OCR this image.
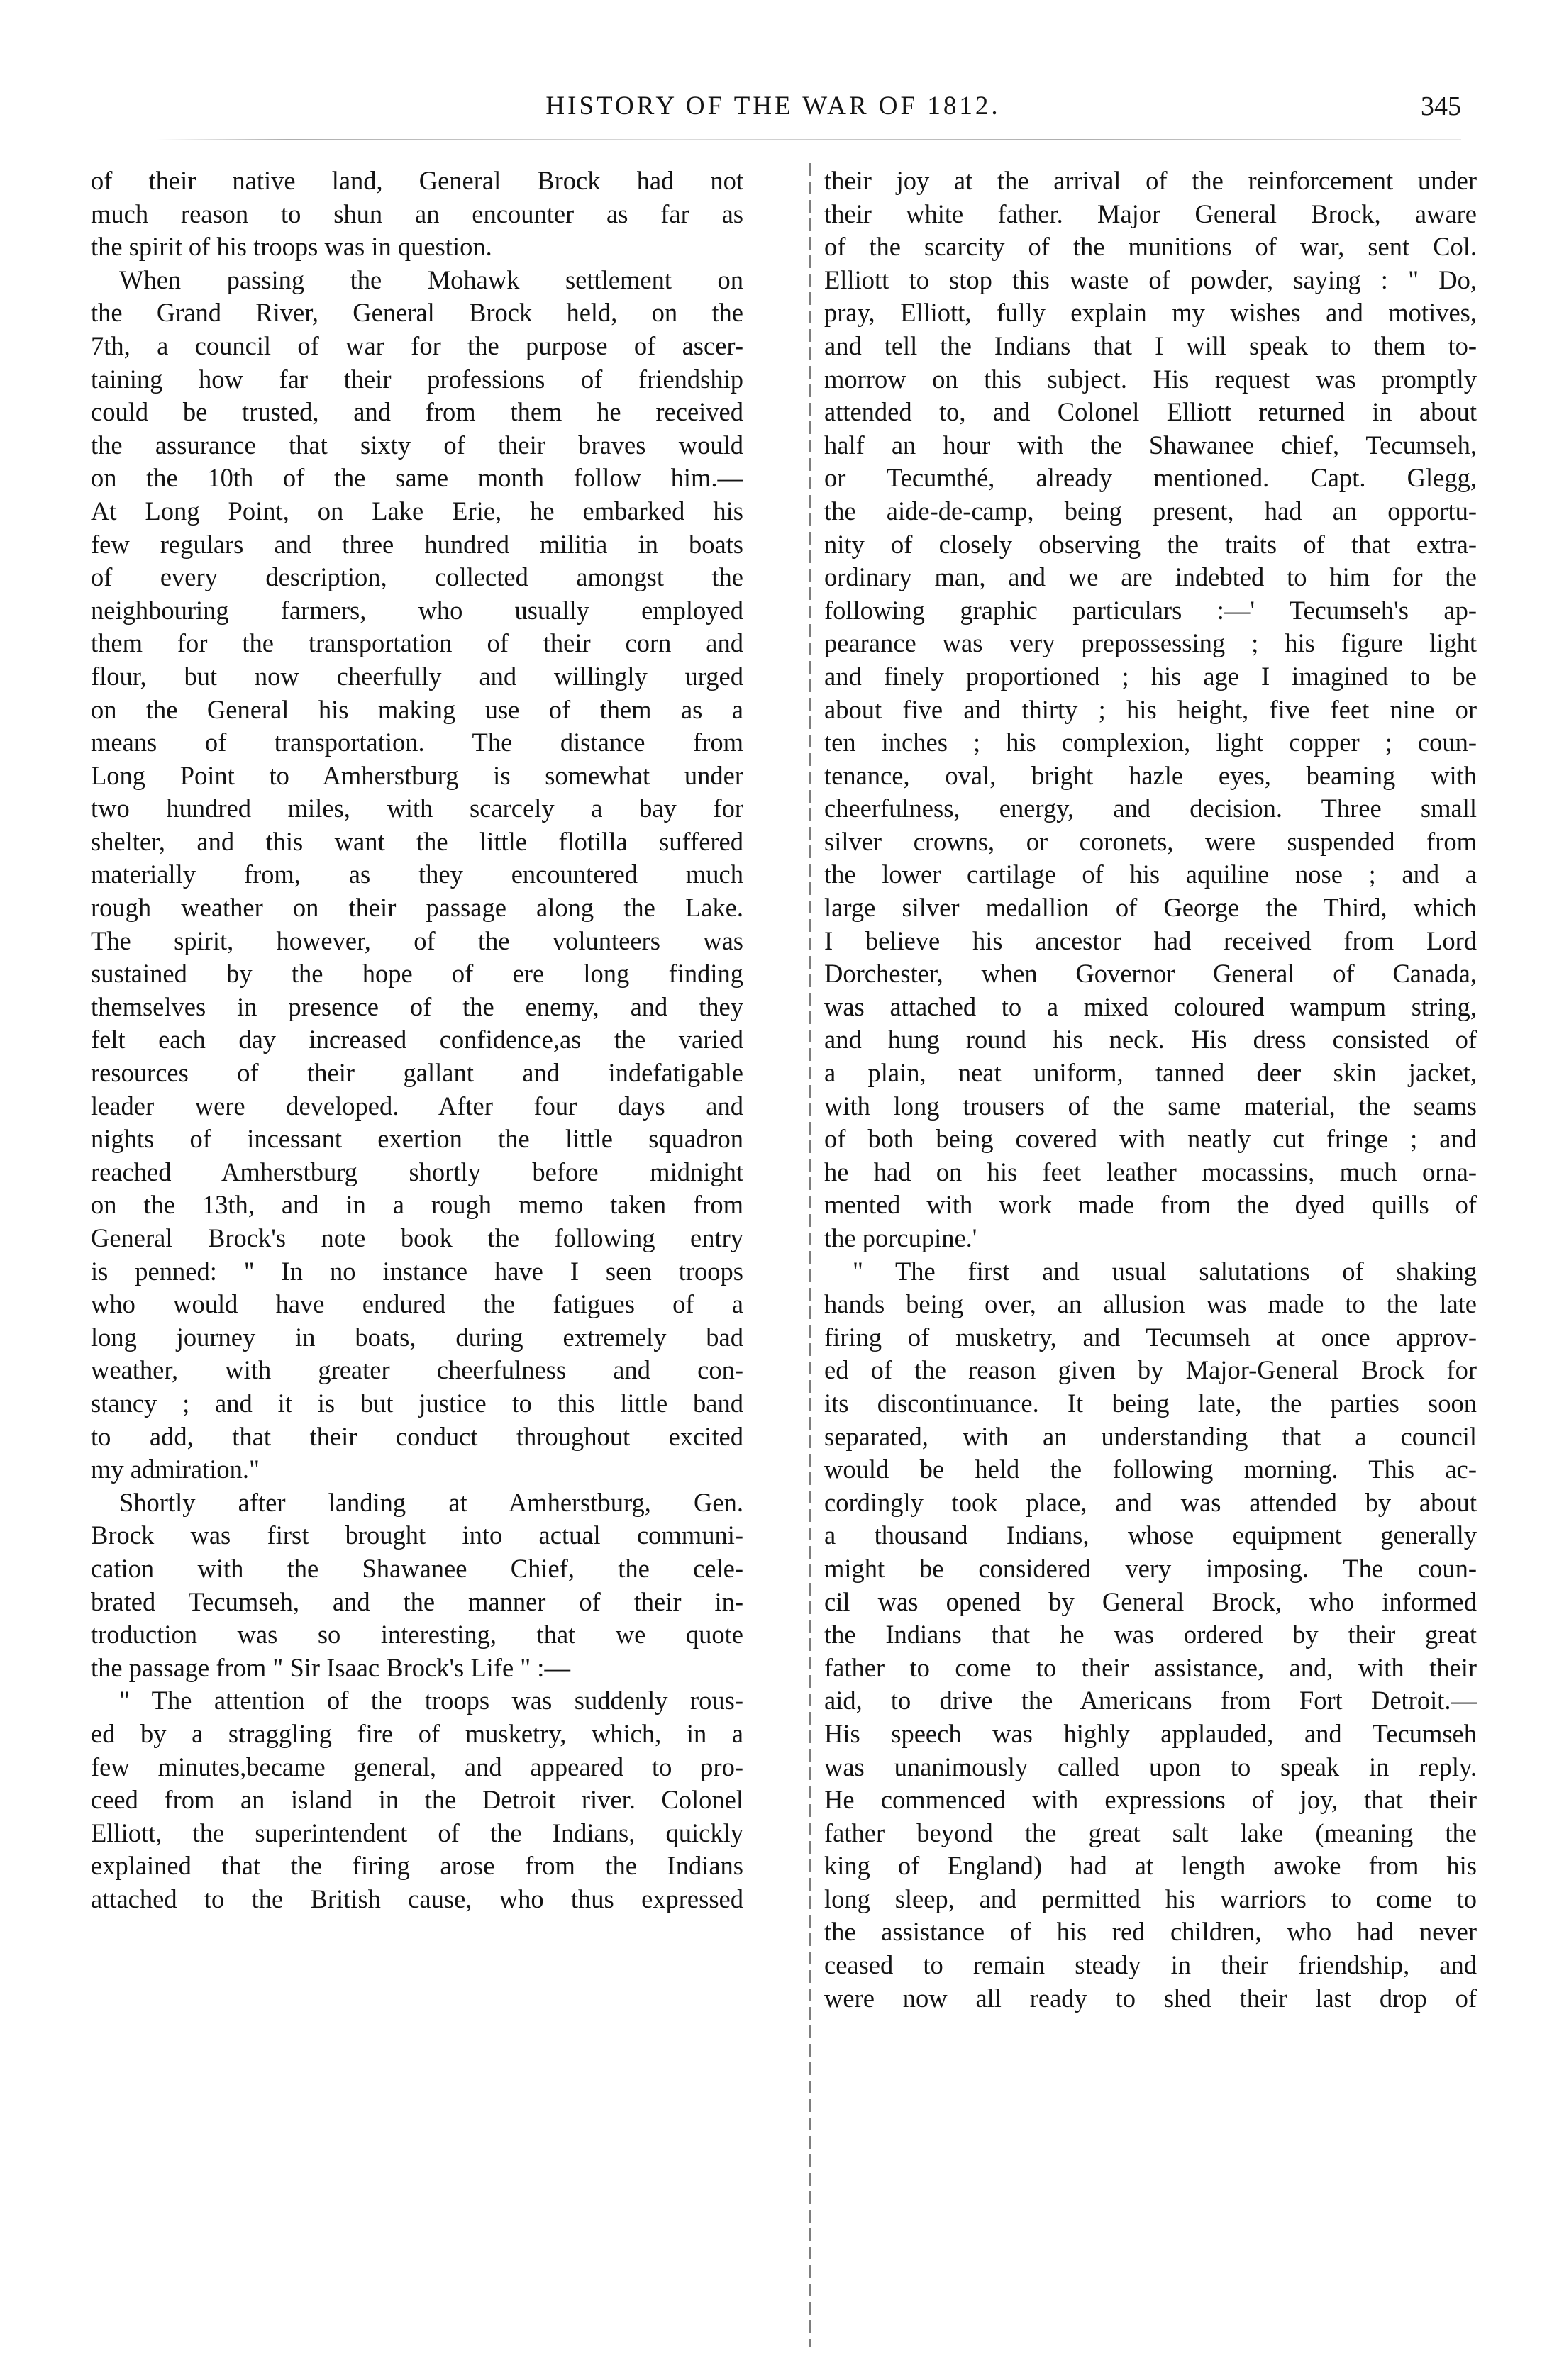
HISTORY OF THE WAR OF 1812.	345
of their native land, General Brock had not
much reason to shun an encounter as far as
the spirit of his troops was in question.
When passing the Mohawk settlement on
the Grand River, General Brock held, on the
7th, a council of war for the purpose of ascer-
taining how far their professions of friendship
could be trusted, and from them he received
the assurance that sixty of their braves would
on the 10th of the same month follow him.—
At Long Point, on Lake Erie, he embarked his
few regulars and three hundred militia in boats
of every description, collected amongst the
neighbouring farmers, who usually employed
them for the transportation of their corn and
flour, but now cheerfully and willingly urged
on the General his making use of them as a
means of transportation. The distance from
Long Point to Amherstburg is somewhat under
two hundred miles, with scarcely a bay for
shelter, and this want the little flotilla suffered
materially from, as they encountered much
rough weather on their passage along the Lake.
The spirit, however, of the volunteers was
sustained by the hope of ere long finding
themselves in presence of the enemy, and they
felt each day increased confidence,as the varied
resources of their gallant and indefatigable
leader were developed. After four days and
nights of incessant exertion the little squadron
reached Amherstburg shortly before midnight
on the 13th, and in a rough memo taken from
General Brock's note book the following entry
is penned: " In no instance have I seen troops
who would have endured the fatigues of a
long journey in boats, during extremely bad
weather, with greater cheerfulness and con-
stancy ; and it is but justice to this little band
to add, that their conduct throughout excited
my admiration."
Shortly after landing at Amherstburg, Gen.
Brock was first brought into actual communi-
cation with the Shawanee Chief, the cele-
brated Tecumseh, and the manner of their in-
troduction was so interesting, that we quote
the passage from " Sir Isaac Brock's Life " :—
" The attention of the troops was suddenly rous-
ed by a straggling fire of musketry, which, in a
few minutes,became general, and appeared to pro-
ceed from an island in the Detroit river. Colonel
Elliott, the superintendent of the Indians, quickly
explained that the firing arose from the Indians
attached to the British cause, who thus expressed
their joy at the arrival of the reinforcement under
their white father. Major General Brock, aware
of the scarcity of the munitions of war, sent Col.
Elliott to stop this waste of powder, saying : " Do,
pray, Elliott, fully explain my wishes and motives,
and tell the Indians that I will speak to them to-
morrow on this subject. His request was promptly
attended to, and Colonel Elliott returned in about
half an hour with the Shawanee chief, Tecumseh,
or Tecumthé, already mentioned. Capt. Glegg,
the aide-de-camp, being present, had an opportu-
nity of closely observing the traits of that extra-
ordinary man, and we are indebted to him for the
following graphic particulars :—' Tecumseh's ap-
pearance was very prepossessing ; his figure light
and finely proportioned ; his age I imagined to be
about five and thirty ; his height, five feet nine or
ten inches ; his complexion, light copper ; coun-
tenance, oval, bright hazle eyes, beaming with
cheerfulness, energy, and decision. Three small
silver crowns, or coronets, were suspended from
the lower cartilage of his aquiline nose ; and a
large silver medallion of George the Third, which
I believe his ancestor had received from Lord
Dorchester, when Governor General of Canada,
was attached to a mixed coloured wampum string,
and hung round his neck. His dress consisted of
a plain, neat uniform, tanned deer skin jacket,
with long trousers of the same material, the seams
of both being covered with neatly cut fringe ; and
he had on his feet leather mocassins, much orna-
mented with work made from the dyed quills of
the porcupine.'
" The first and usual salutations of shaking
hands being over, an allusion was made to the late
firing of musketry, and Tecumseh at once approv-
ed of the reason given by Major-General Brock for
its discontinuance. It being late, the parties soon
separated, with an understanding that a council
would be held the following morning. This ac-
cordingly took place, and was attended by about
a thousand Indians, whose equipment generally
might be considered very imposing. The coun-
cil was opened by General Brock, who informed
the Indians that he was ordered by their great
father to come to their assistance, and, with their
aid, to drive the Americans from Fort Detroit.—
His speech was highly applauded, and Tecumseh
was unanimously called upon to speak in reply.
He commenced with expressions of joy, that their
father beyond the great salt lake (meaning the
king of England) had at length awoke from his
long sleep, and permitted his warriors to come to
the assistance of his red children, who had never
ceased to remain steady in their friendship, and
were now all ready to shed their last drop of
